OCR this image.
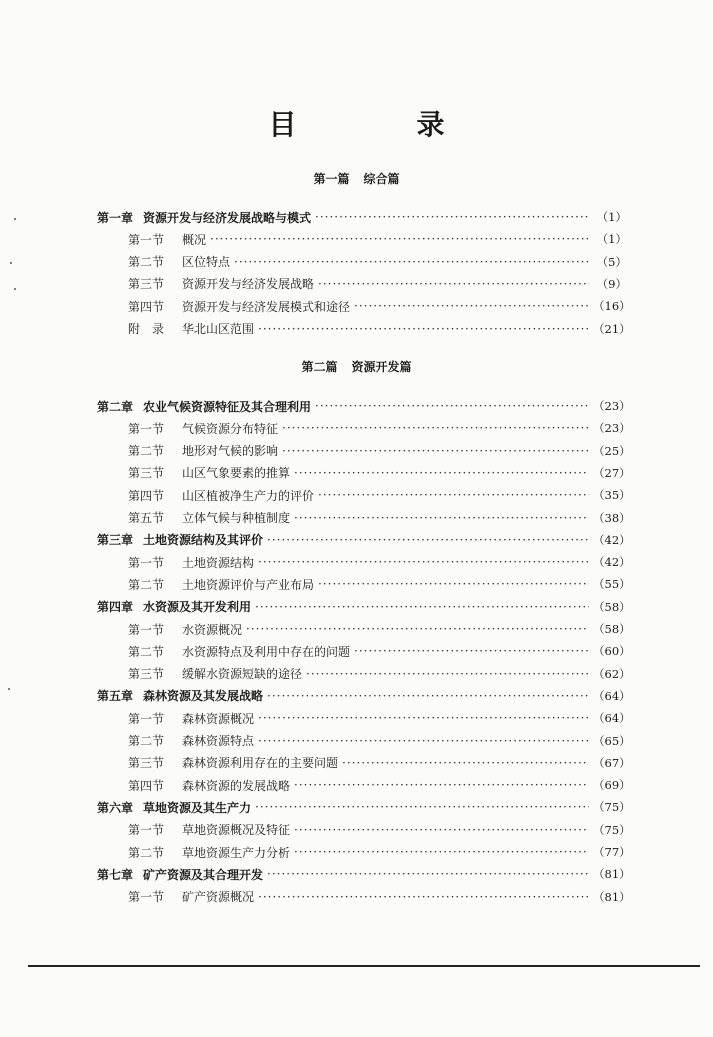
目　录
第一篇 综合篇
第一章 资源开发与经济发展战略与模式 ·····	（1）
第一节 概况 ·····	（1）
第二节 区位特点 ·····	（5）
第三节 资源开发与经济发展战略 ·····	（9）
第四节 资源开发与经济发展模式和途径 ·····	（16）
附　录 华北山区范围 ·····	（21）
第二篇 资源开发篇
第二章 农业气候资源特征及其合理利用 ·····	（23）
第一节 气候资源分布特征 ·····	（23）
第二节 地形对气候的影响 ·····	（25）
第三节 山区气象要素的推算 ·····	（27）
第四节 山区植被净生产力的评价 ·····	（35）
第五节 立体气候与种植制度 ·····	（38）
第三章 土地资源结构及其评价 ·····	（42）
第一节 土地资源结构 ·····	（42）
第二节 土地资源评价与产业布局 ·····	（55）
第四章 水资源及其开发利用 ·····	（58）
第一节 水资源概况 ·····	（58）
第二节 水资源特点及利用中存在的问题 ·····	（60）
第三节 缓解水资源短缺的途径 ·····	（62）
第五章 森林资源及其发展战略 ·····	（64）
第一节 森林资源概况 ·····	（64）
第二节 森林资源特点 ·····	（65）
第三节 森林资源利用存在的主要问题 ·····	（67）
第四节 森林资源的发展战略 ·····	（69）
第六章 草地资源及其生产力 ·····	（75）
第一节 草地资源概况及特征 ·····	（75）
第二节 草地资源生产力分析 ·····	（77）
第七章 矿产资源及其合理开发 ·····	（81）
第一节 矿产资源概况 ·····	（81）
